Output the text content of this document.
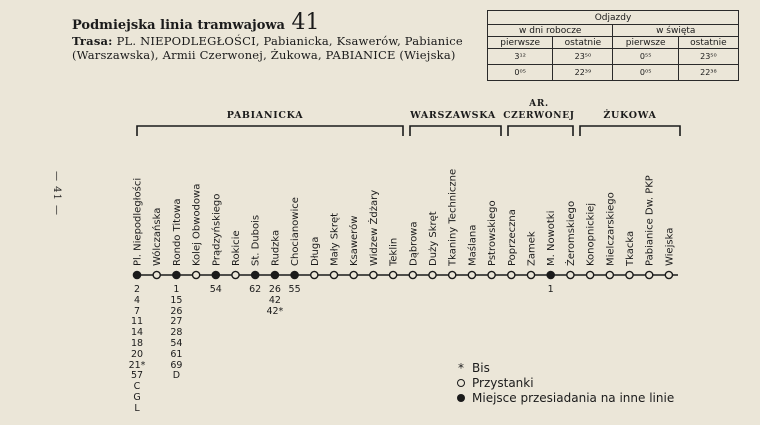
Podmiejska linia tramwajowa 41
Trasa: PL. NIEPODLEGŁOŚCI, Pabianicka, Ksawerów, Pabianice (Warszawska), Armii Czerwonej, Żukowa, PABIANICE (Wiejska)
Odjazdy			
w dni robocze		w święta	
pierwsze	ostatnie	pierwsze	ostatnie
3¹²	23⁵⁰	0⁵⁵	23⁵⁰
0⁰⁵	22³⁹	0⁰⁵	22³⁸
— 41 —
PABIANICKA	WARSZAWSKA
AR. CZERWONEJ	ŻUKOWA
Pl. Niepodległości Wólczańska Rondo Titowa Kolej Obwodowa Prądzyńskiego Rokicie St. Dubois Rudzka Chocianowice Długa Mały Skręt Ksawerów Widzew Żdżary Teklin Dąbrowa Duży Skręt Tkaniny Techniczne Maślana Pstrowskiego Poprzeczna Zamek M. Nowotki Żeromskiego Konopnickiej Mielczarskiego Tkacka Pabianice Dw. PKP Wiejska
2
4
7
11
14
18
20
21*
57
C
G
L
1
15
26
27
28
54
61
69
D
54	62 26
42
42*
55	1
* Bis
Przystanki
Miejsce przesiadania na inne linie
